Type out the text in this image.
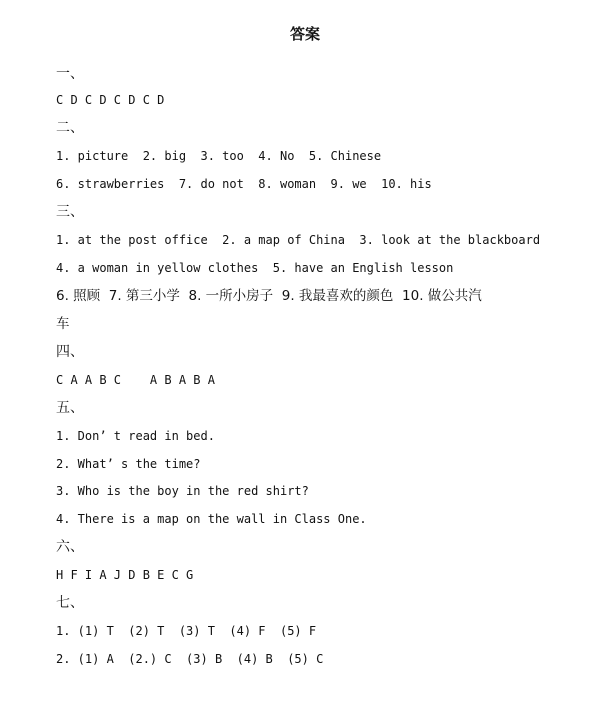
答案
一、
C D C D C D C D
二、
1. picture  2. big  3. too  4. No  5. Chinese
6. strawberries  7. do not  8. woman  9. we  10. his
三、
1. at the post office  2. a map of China  3. look at the blackboard
4. a woman in yellow clothes  5. have an English lesson
6. 照顾  7. 第三小学  8. 一所小房子  9. 我最喜欢的颜色  10. 做公共汽
车
四、
C A A B C    A B A B A
五、
1. Don’ t read in bed.
2. What’ s the time?
3. Who is the boy in the red shirt?
4. There is a map on the wall in Class One.
六、
H F I A J D B E C G
七、
1. (1) T  (2) T  (3) T  (4) F  (5) F
2. (1) A  (2.) C  (3) B  (4) B  (5) C
